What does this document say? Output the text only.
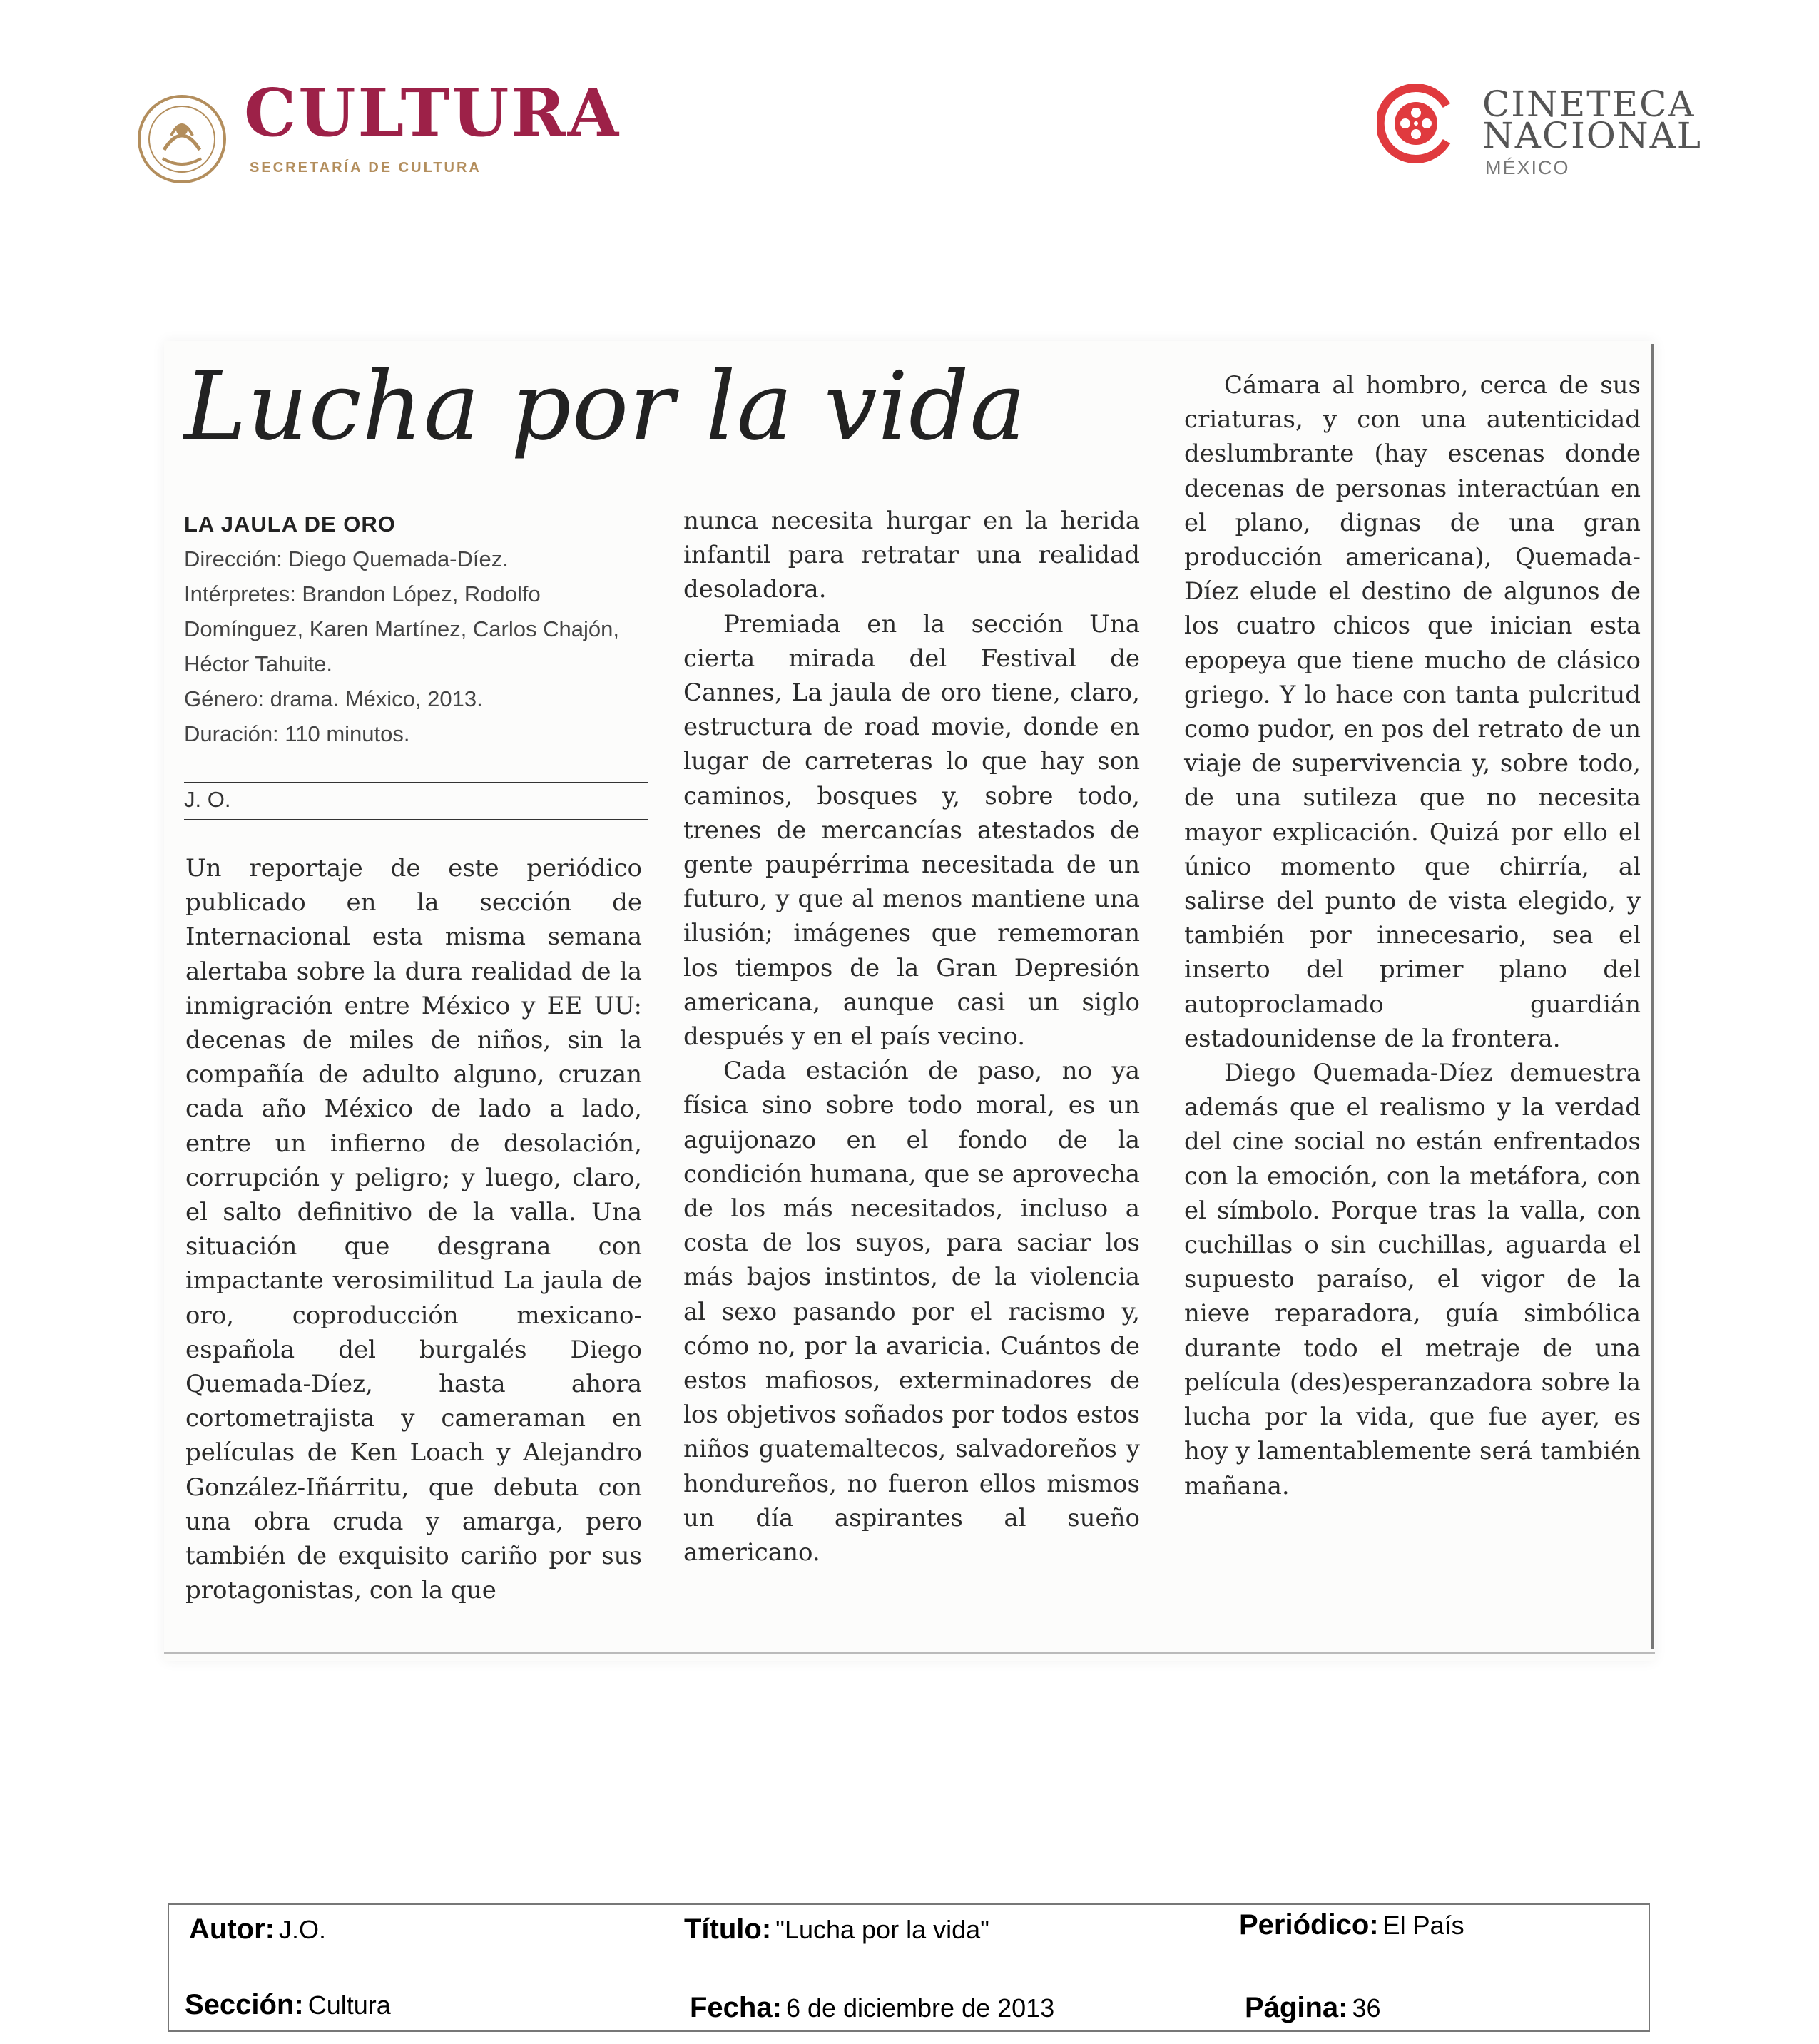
CULTURA
SECRETARÍA DE CULTURA
CINETECA
NACIONAL
MÉXICO
Lucha por la vida
LA JAULA DE ORO
Dirección: Diego Quemada-Díez.
Intérpretes: Brandon López, Rodolfo Domínguez, Karen Martínez, Carlos Chajón, Héctor Tahuite.
Género: drama. México, 2013.
Duración: 110 minutos.
J. O.

Un reportaje de este periódico publicado en la sección de Internacional esta misma semana alertaba sobre la dura realidad de la inmigración entre México y EE UU: decenas de miles de niños, sin la compañía de adulto alguno, cruzan cada año México de lado a lado, entre un infierno de desolación, corrupción y peligro; y luego, claro, el salto definitivo de la valla. Una situación que desgrana con impactante verosimilitud La jaula de oro, coproducción mexicano-española del burgalés Diego Quemada-Díez, hasta ahora cortometrajista y cameraman en películas de Ken Loach y Alejandro González-Iñárritu, que debuta con una obra cruda y amarga, pero también de exquisito cariño por sus protagonistas, con la que

nunca necesita hurgar en la herida infantil para retratar una realidad desoladora.

Premiada en la sección Una cierta mirada del Festival de Cannes, La jaula de oro tiene, claro, estructura de road movie, donde en lugar de carreteras lo que hay son caminos, bosques y, sobre todo, trenes de mercancías atestados de gente paupérrima necesitada de un futuro, y que al menos mantiene una ilusión; imágenes que rememoran los tiempos de la Gran Depresión americana, aunque casi un siglo después y en el país vecino.

Cada estación de paso, no ya física sino sobre todo moral, es un aguijonazo en el fondo de la condición humana, que se aprovecha de los más necesitados, incluso a costa de los suyos, para saciar los más bajos instintos, de la violencia al sexo pasando por el racismo y, cómo no, por la avaricia. Cuántos de estos mafiosos, exterminadores de los objetivos soñados por todos estos niños guatemaltecos, salvadoreños y hondureños, no fueron ellos mismos un día aspirantes al sueño americano.

Cámara al hombro, cerca de sus criaturas, y con una autenticidad deslumbrante (hay escenas donde decenas de personas interactúan en el plano, dignas de una gran producción americana), Quemada-Díez elude el destino de algunos de los cuatro chicos que inician esta epopeya que tiene mucho de clásico griego. Y lo hace con tanta pulcritud como pudor, en pos del retrato de un viaje de supervivencia y, sobre todo, de una sutileza que no necesita mayor explicación. Quizá por ello el único momento que chirría, al salirse del punto de vista elegido, y también por innecesario, sea el inserto del primer plano del autoproclamado guardián estadounidense de la frontera.

Diego Quemada-Díez demuestra además que el realismo y la verdad del cine social no están enfrentados con la emoción, con la metáfora, con el símbolo. Porque tras la valla, con cuchillas o sin cuchillas, aguarda el supuesto paraíso, el vigor de la nieve reparadora, guía simbólica durante todo el metraje de una película (des)esperanzadora sobre la lucha por la vida, que fue ayer, es hoy y lamentablemente será también mañana.

Autor: J.O.	Título: "Lucha por la vida"	Periódico: El País
Sección: Cultura	Fecha: 6 de diciembre de 2013	Página: 36
